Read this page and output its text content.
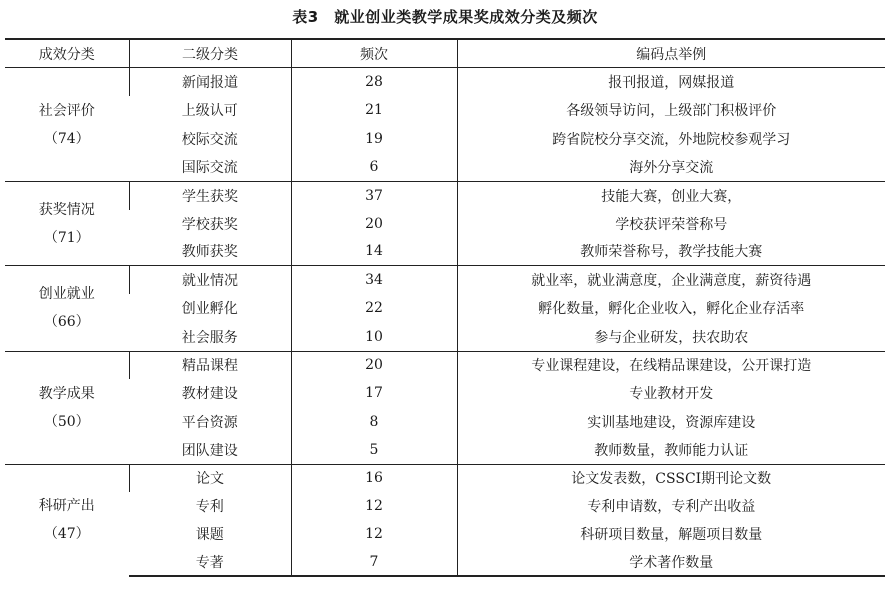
表3　就业创业类教学成果奖成效分类及频次
成效分类	二级分类	频次	编码点举例

社会评价
（74）	新闻报道	28	报刊报道，网媒报道
	上级认可	21	各级领导访问，上级部门积极评价
	校际交流	19	跨省院校分享交流，外地院校参观学习
	国际交流	6	海外分享交流

获奖情况
（71）	学生获奖	37	技能大赛，创业大赛，
	学校获奖	20	学校获评荣誉称号
	教师获奖	14	教师荣誉称号，教学技能大赛

创业就业
（66）	就业情况	34	就业率，就业满意度，企业满意度，薪资待遇
	创业孵化	22	孵化数量，孵化企业收入，孵化企业存活率
	社会服务	10	参与企业研发，扶农助农

教学成果
（50）	精品课程	20	专业课程建设，在线精品课建设，公开课打造
	教材建设	17	专业教材开发
	平台资源	8	实训基地建设，资源库建设
	团队建设	5	教师数量，教师能力认证

科研产出
（47）	论文	16	论文发表数，CSSCI期刊论文数
	专利	12	专利申请数，专利产出收益
	课题	12	科研项目数量，解题项目数量
	专著	7	学术著作数量
